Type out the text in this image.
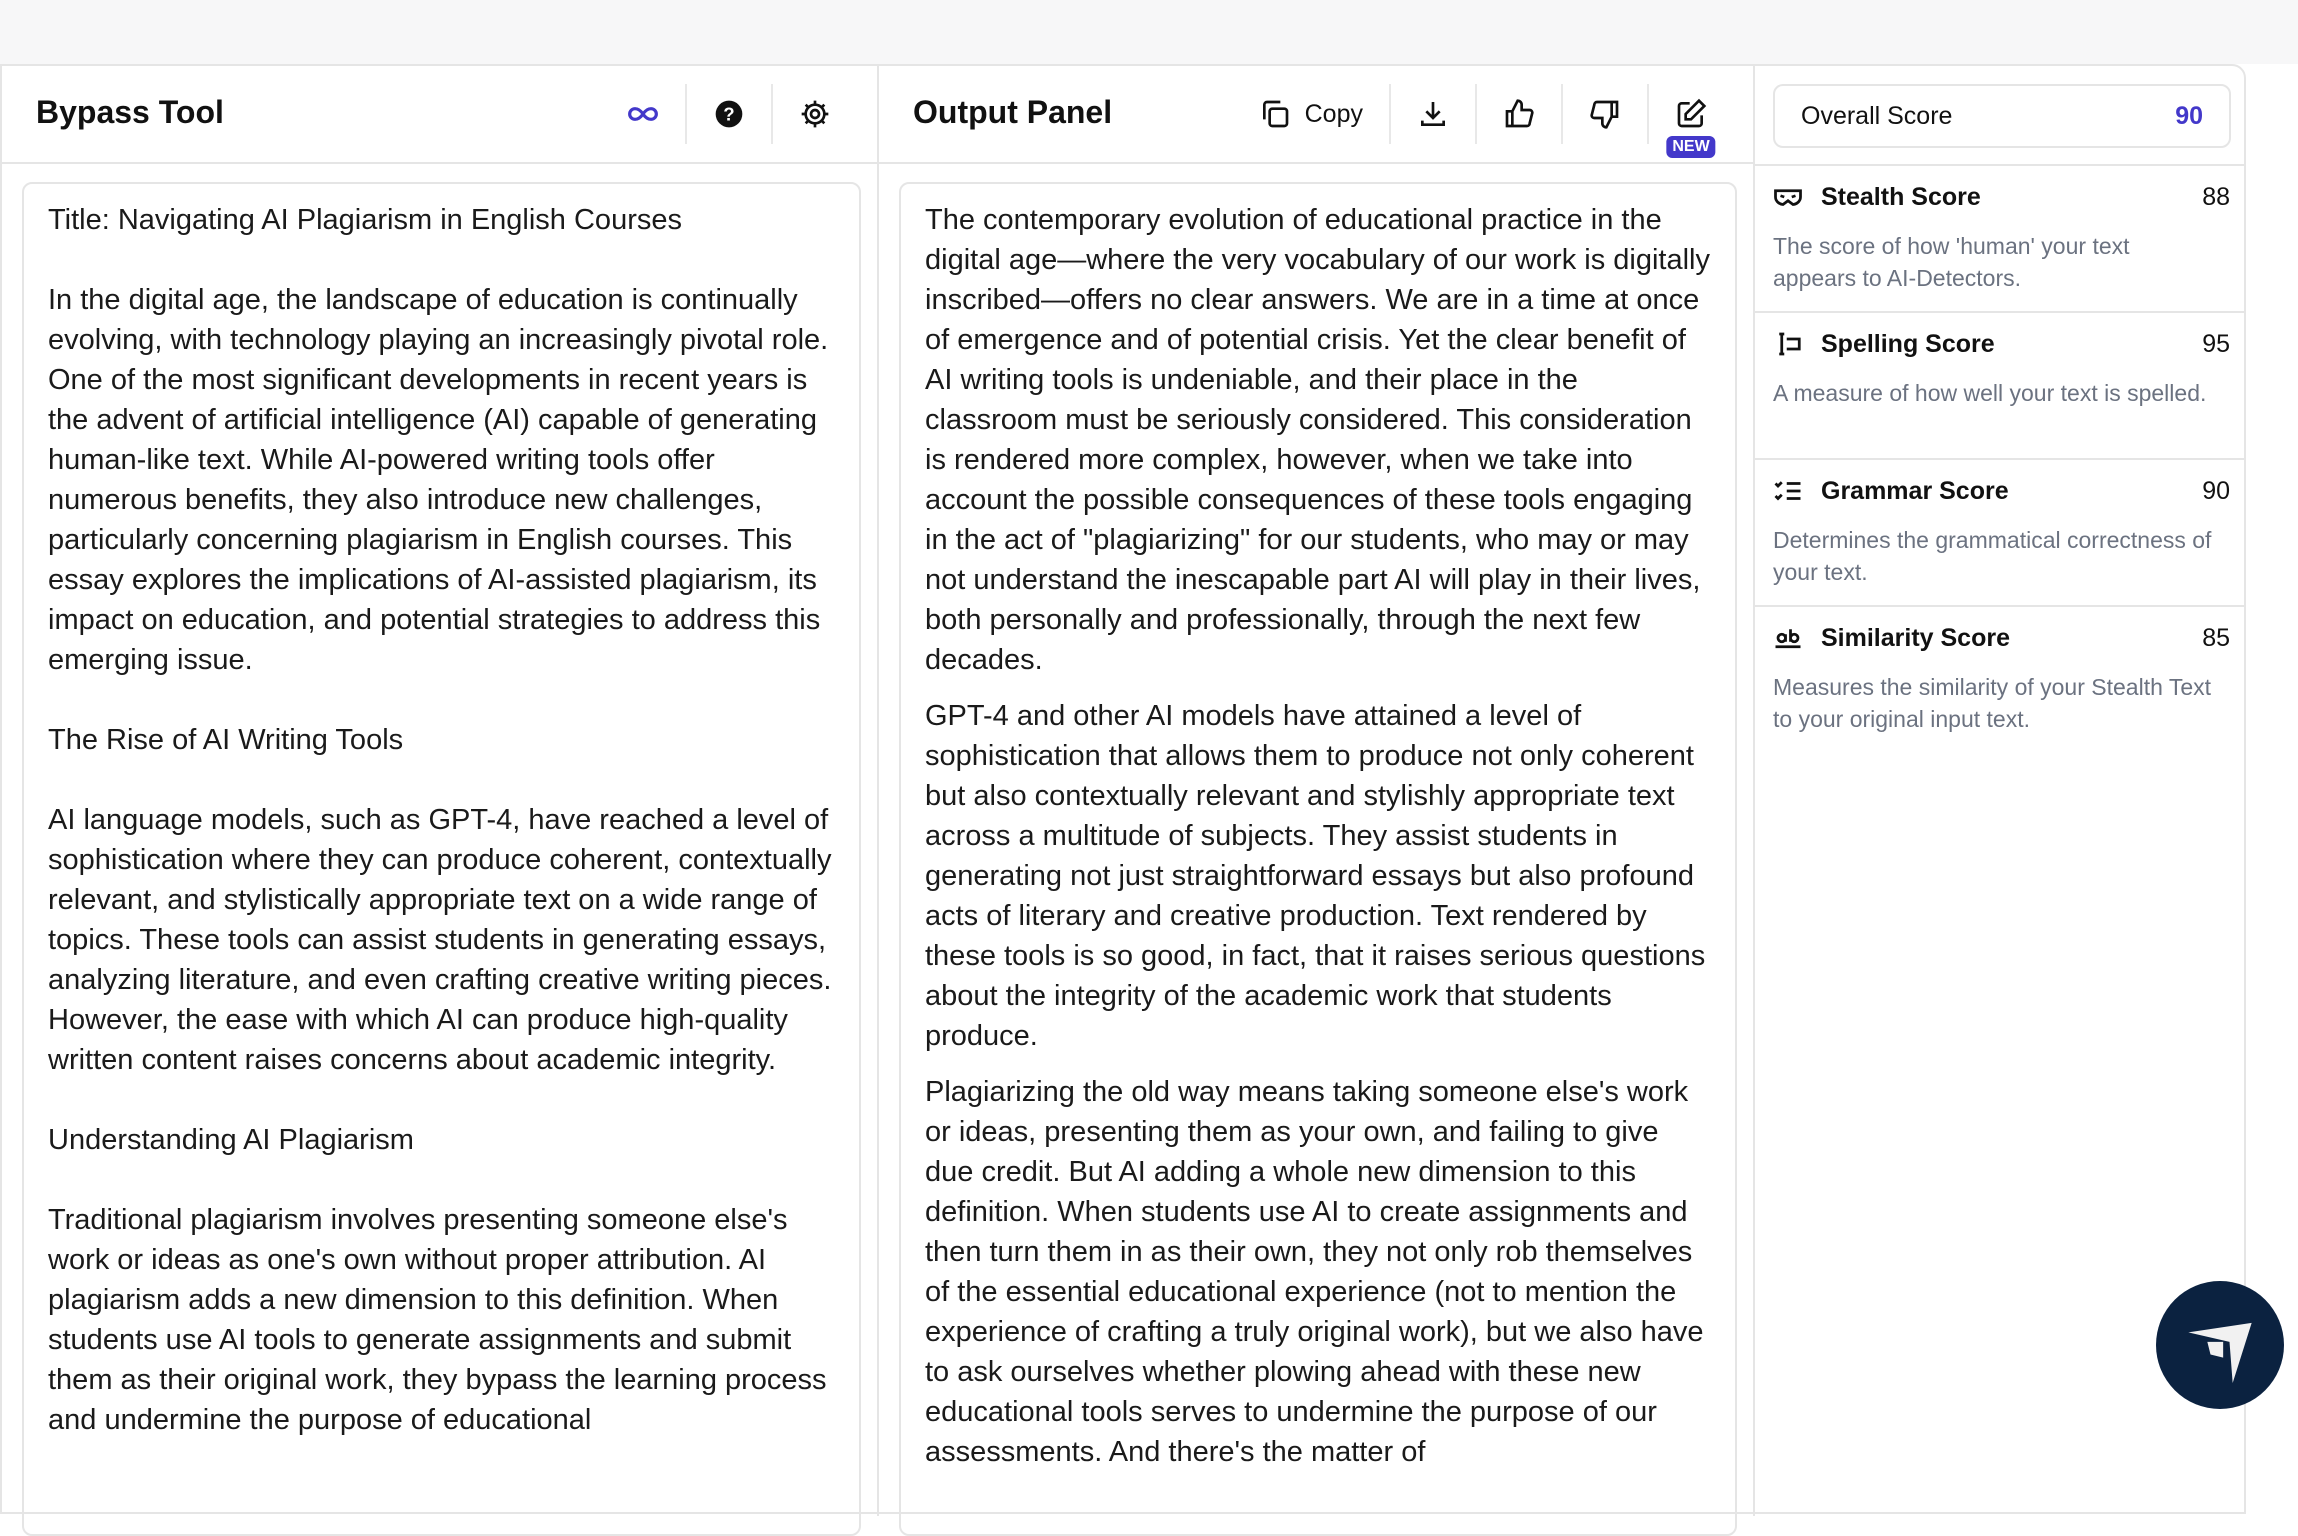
Bypass Tool	?

Title: Navigating AI Plagiarism in English Courses

In the digital age, the landscape of education is continually evolving, with technology playing an increasingly pivotal role. One of the most significant developments in recent years is the advent of artificial intelligence (AI) capable of generating human-like text. While AI-powered writing tools offer numerous benefits, they also introduce new challenges, particularly concerning plagiarism in English courses. This essay explores the implications of AI-assisted plagiarism, its impact on education, and potential strategies to address this emerging issue.

The Rise of AI Writing Tools

AI language models, such as GPT-4, have reached a level of sophistication where they can produce coherent, contextually relevant, and stylistically appropriate text on a wide range of topics. These tools can assist students in generating essays, analyzing literature, and even crafting creative writing pieces. However, the ease with which AI can produce high-quality written content raises concerns about academic integrity.

Understanding AI Plagiarism

Traditional plagiarism involves presenting someone else's work or ideas as one's own without proper attribution. AI plagiarism adds a new dimension to this definition. When students use AI tools to generate assignments and submit them as their original work, they bypass the learning process and undermine the purpose of educational

Output Panel	Copy
NEW

The contemporary evolution of educational practice in the digital age—where the very vocabulary of our work is digitally inscribed—offers no clear answers. We are in a time at once of emergence and of potential crisis. Yet the clear benefit of AI writing tools is undeniable, and their place in the classroom must be seriously considered. This consideration is rendered more complex, however, when we take into account the possible consequences of these tools engaging in the act of "plagiarizing" for our students, who may or may not understand the inescapable part AI will play in their lives, both personally and professionally, through the next few decades.

GPT-4 and other AI models have attained a level of sophistication that allows them to produce not only coherent but also contextually relevant and stylishly appropriate text across a multitude of subjects. They assist students in generating not just straightforward essays but also profound acts of literary and creative production. Text rendered by these tools is so good, in fact, that it raises serious questions about the integrity of the academic work that students produce.

Plagiarizing the old way means taking someone else's work or ideas, presenting them as your own, and failing to give due credit. But AI adding a whole new dimension to this definition. When students use AI to create assignments and then turn them in as their own, they not only rob themselves of the essential educational experience (not to mention the experience of crafting a truly original work), but we also have to ask ourselves whether plowing ahead with these new educational tools serves to undermine the purpose of our assessments. And there's the matter of

Overall Score	90
Stealth Score	88
The score of how 'human' your text appears to AI-Detectors.
Spelling Score	95
A measure of how well your text is spelled.
Grammar Score	90
Determines the grammatical correctness of your text.
Similarity Score	85
Measures the similarity of your Stealth Text to your original input text.
